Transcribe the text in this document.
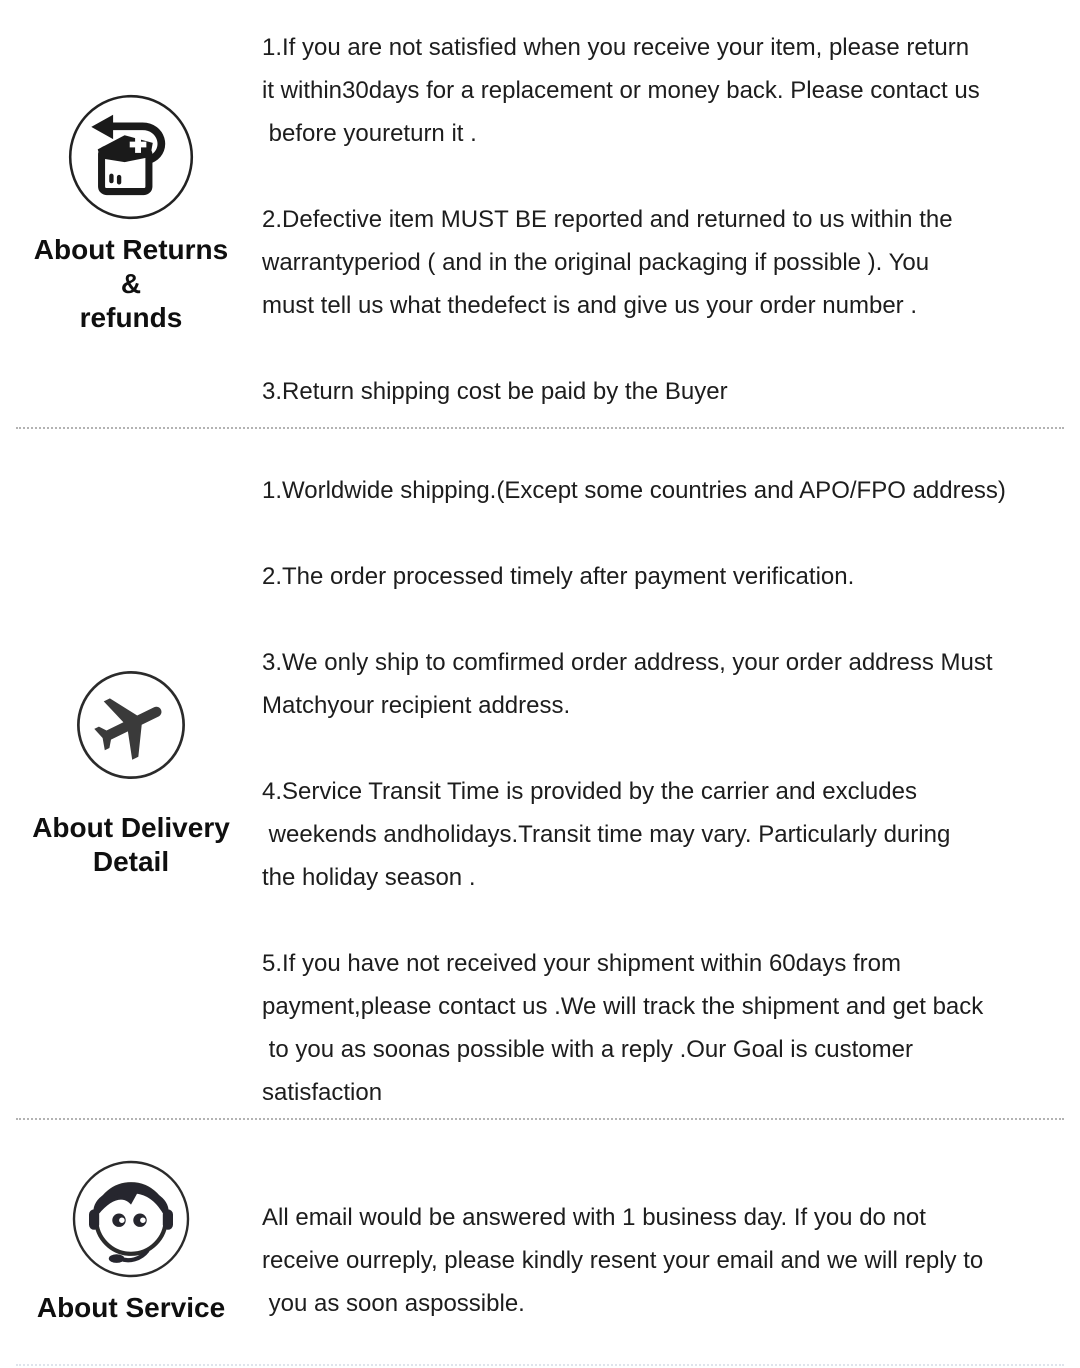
About Returns
&
refunds
1.If you are not satisfied when you receive your item, please return
it within30days for a replacement or money back. Please contact us
before youreturn it .
2.Defective item MUST BE reported and returned to us within the
warrantyperiod ( and in the original packaging if possible ). You
must tell us what thedefect is and give us your order number .
3.Return shipping cost be paid by the Buyer
About Delivery
Detail
1.Worldwide shipping.(Except some countries and APO/FPO address)
2.The order processed timely after payment verification.
3.We only ship to comfirmed order address, your order address Must
Matchyour recipient address.
4.Service Transit Time is provided by the carrier and excludes
weekends andholidays.Transit time may vary. Particularly during
the holiday season .
5.If you have not received your shipment within 60days from
payment,please contact us .We will track the shipment and get back
to you as soonas possible with a reply .Our Goal is customer
satisfaction
About Service
All email would be answered with 1 business day. If you do not
receive ourreply, please kindly resent your email and we will reply to
you as soon aspossible.
